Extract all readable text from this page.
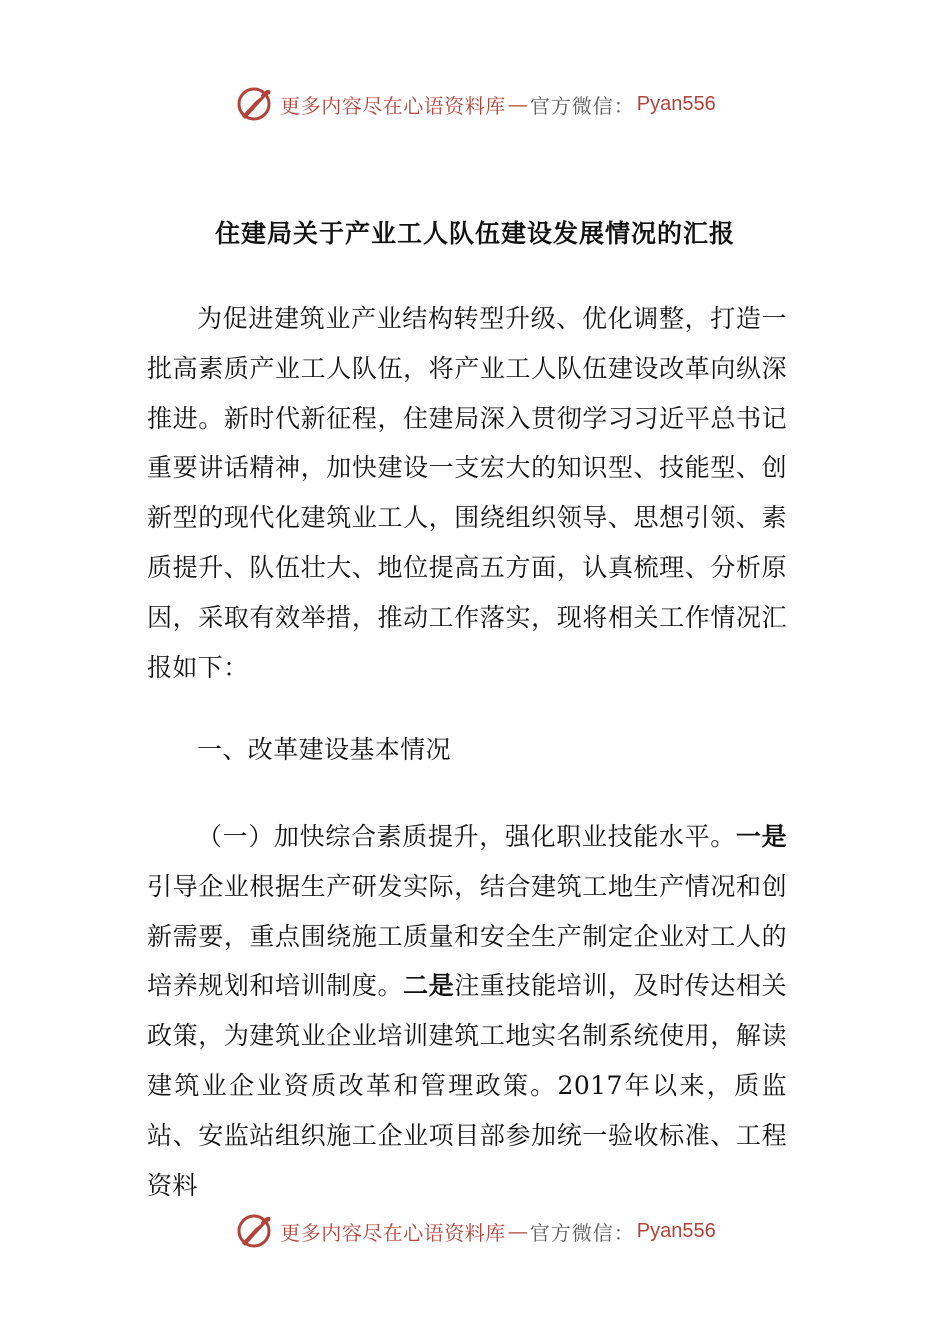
更多内容尽在心语资料库 — 官方微信： Pyan556
住建局关于产业工人队伍建设发展情况的汇报

为促进建筑业产业结构转型升级、优化调整，打造一批高素质产业工人队伍，将产业工人队伍建设改革向纵深推进。新时代新征程，住建局深入贯彻学习习近平总书记重要讲话精神，加快建设一支宏大的知识型、技能型、创新型的现代化建筑业工人，围绕组织领导、思想引领、素质提升、队伍壮大、地位提高五方面，认真梳理、分析原因，采取有效举措，推动工作落实，现将相关工作情况汇报如下：

一、改革建设基本情况

（一）加快综合素质提升，强化职业技能水平。一是引导企业根据生产研发实际，结合建筑工地生产情况和创新需要，重点围绕施工质量和安全生产制定企业对工人的培养规划和培训制度。二是注重技能培训，及时传达相关政策，为建筑业企业培训建筑工地实名制系统使用，解读建筑业企业资质改革和管理政策。2017年以来，质监站、安监站组织施工企业项目部参加统一验收标准、工程资料

更多内容尽在心语资料库 — 官方微信： Pyan556
